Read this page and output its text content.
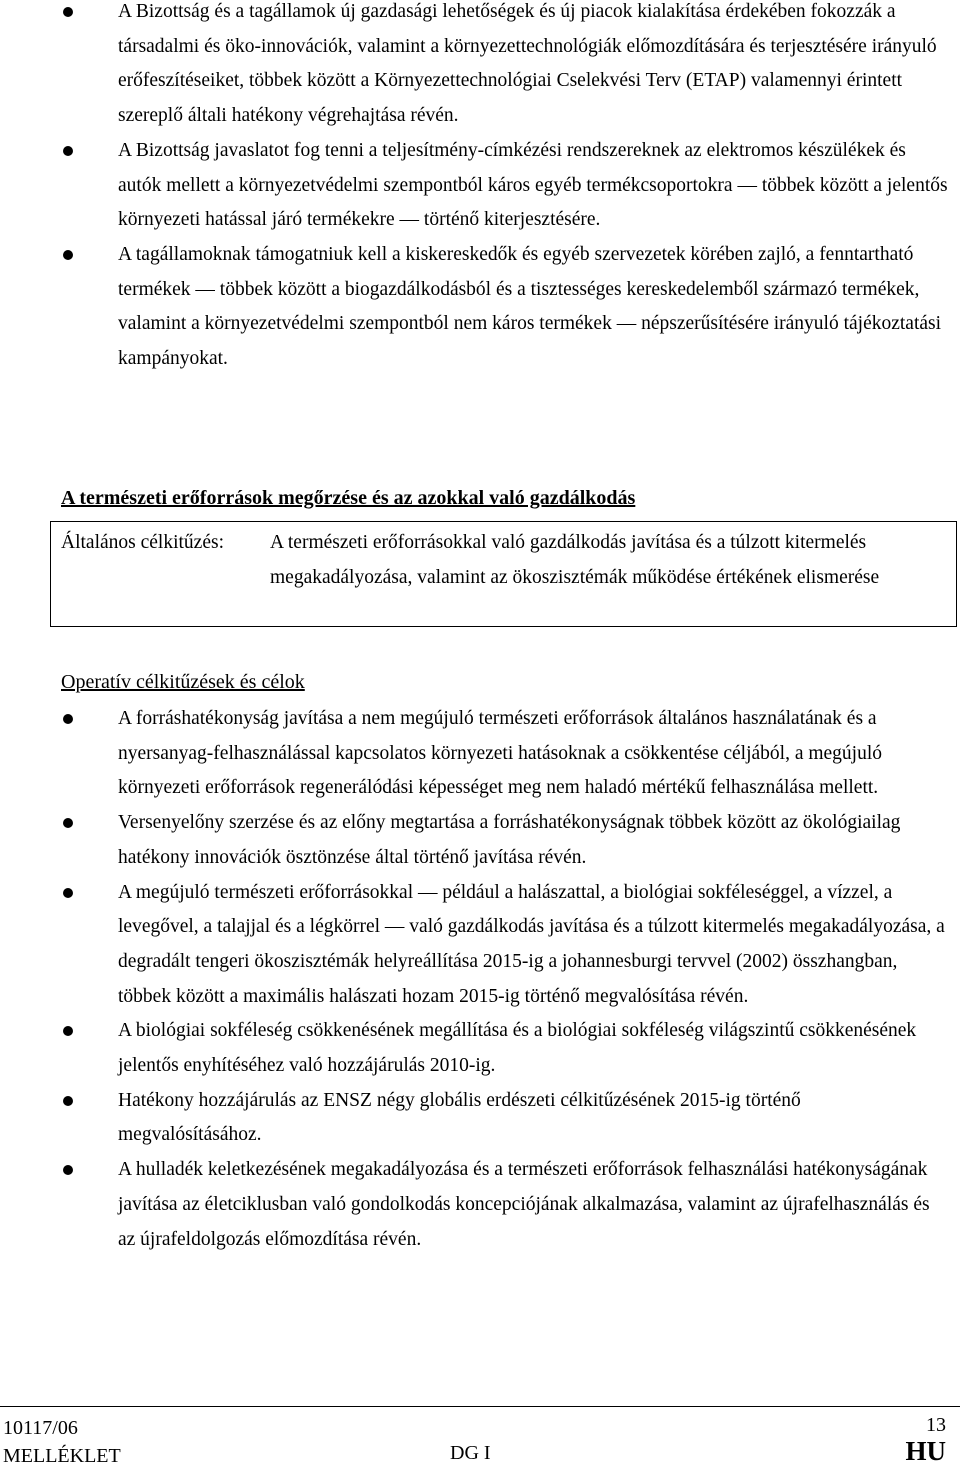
A Bizottság és a tagállamok új gazdasági lehetőségek és új piacok kialakítása érdekében fokozzák a társadalmi és öko-innovációk, valamint a környezettechnológiák előmozdítására és terjesztésére irányuló erőfeszítéseiket, többek között a Környezettechnológiai Cselekvési Terv (ETAP) valamennyi érintett szereplő általi hatékony végrehajtása révén.
A Bizottság javaslatot fog tenni a teljesítmény-címkézési rendszereknek az elektromos készülékek és autók mellett a környezetvédelmi szempontból káros egyéb termékcsoportokra — többek között a jelentős környezeti hatással járó termékekre — történő kiterjesztésére.
A tagállamoknak támogatniuk kell a kiskereskedők és egyéb szervezetek körében zajló, a fenntartható termékek — többek között a biogazdálkodásból és a tisztességes kereskedelemből származó termékek, valamint a környezetvédelmi szempontból nem káros termékek — népszerűsítésére irányuló tájékoztatási kampányokat.
A természeti erőforrások megőrzése és az azokkal való gazdálkodás
Általános célkitűzés: A természeti erőforrásokkal való gazdálkodás javítása és a túlzott kitermelés megakadályozása, valamint az ökoszisztémák működése értékének elismerése

Operatív célkitűzések és célok
A forráshatékonyság javítása a nem megújuló természeti erőforrások általános használatának és a nyersanyag-felhasználással kapcsolatos környezeti hatásoknak a csökkentése céljából, a megújuló környezeti erőforrások regenerálódási képességet meg nem haladó mértékű felhasználása mellett.
Versenyelőny szerzése és az előny megtartása a forráshatékonyságnak többek között az ökológiailag hatékony innovációk ösztönzése által történő javítása révén.
A megújuló természeti erőforrásokkal — például a halászattal, a biológiai sokféleséggel, a vízzel, a levegővel, a talajjal és a légkörrel — való gazdálkodás javítása és a túlzott kitermelés megakadályozása, a degradált tengeri ökoszisztémák helyreállítása 2015-ig a johannesburgi tervvel (2002) összhangban, többek között a maximális halászati hozam 2015-ig történő megvalósítása révén.
A biológiai sokféleség csökkenésének megállítása és a biológiai sokféleség világszintű csökkenésének jelentős enyhítéséhez való hozzájárulás 2010-ig.
Hatékony hozzájárulás az ENSZ négy globális erdészeti célkitűzésének 2015-ig történő megvalósításához.
A hulladék keletkezésének megakadályozása és a természeti erőforrások felhasználási hatékonyságának javítása az életciklusban való gondolkodás koncepciójának alkalmazása, valamint az újrafelhasználás és az újrafeldolgozás előmozdítása révén.
10117/06
MELLÉKLET	DG I
13
HU
